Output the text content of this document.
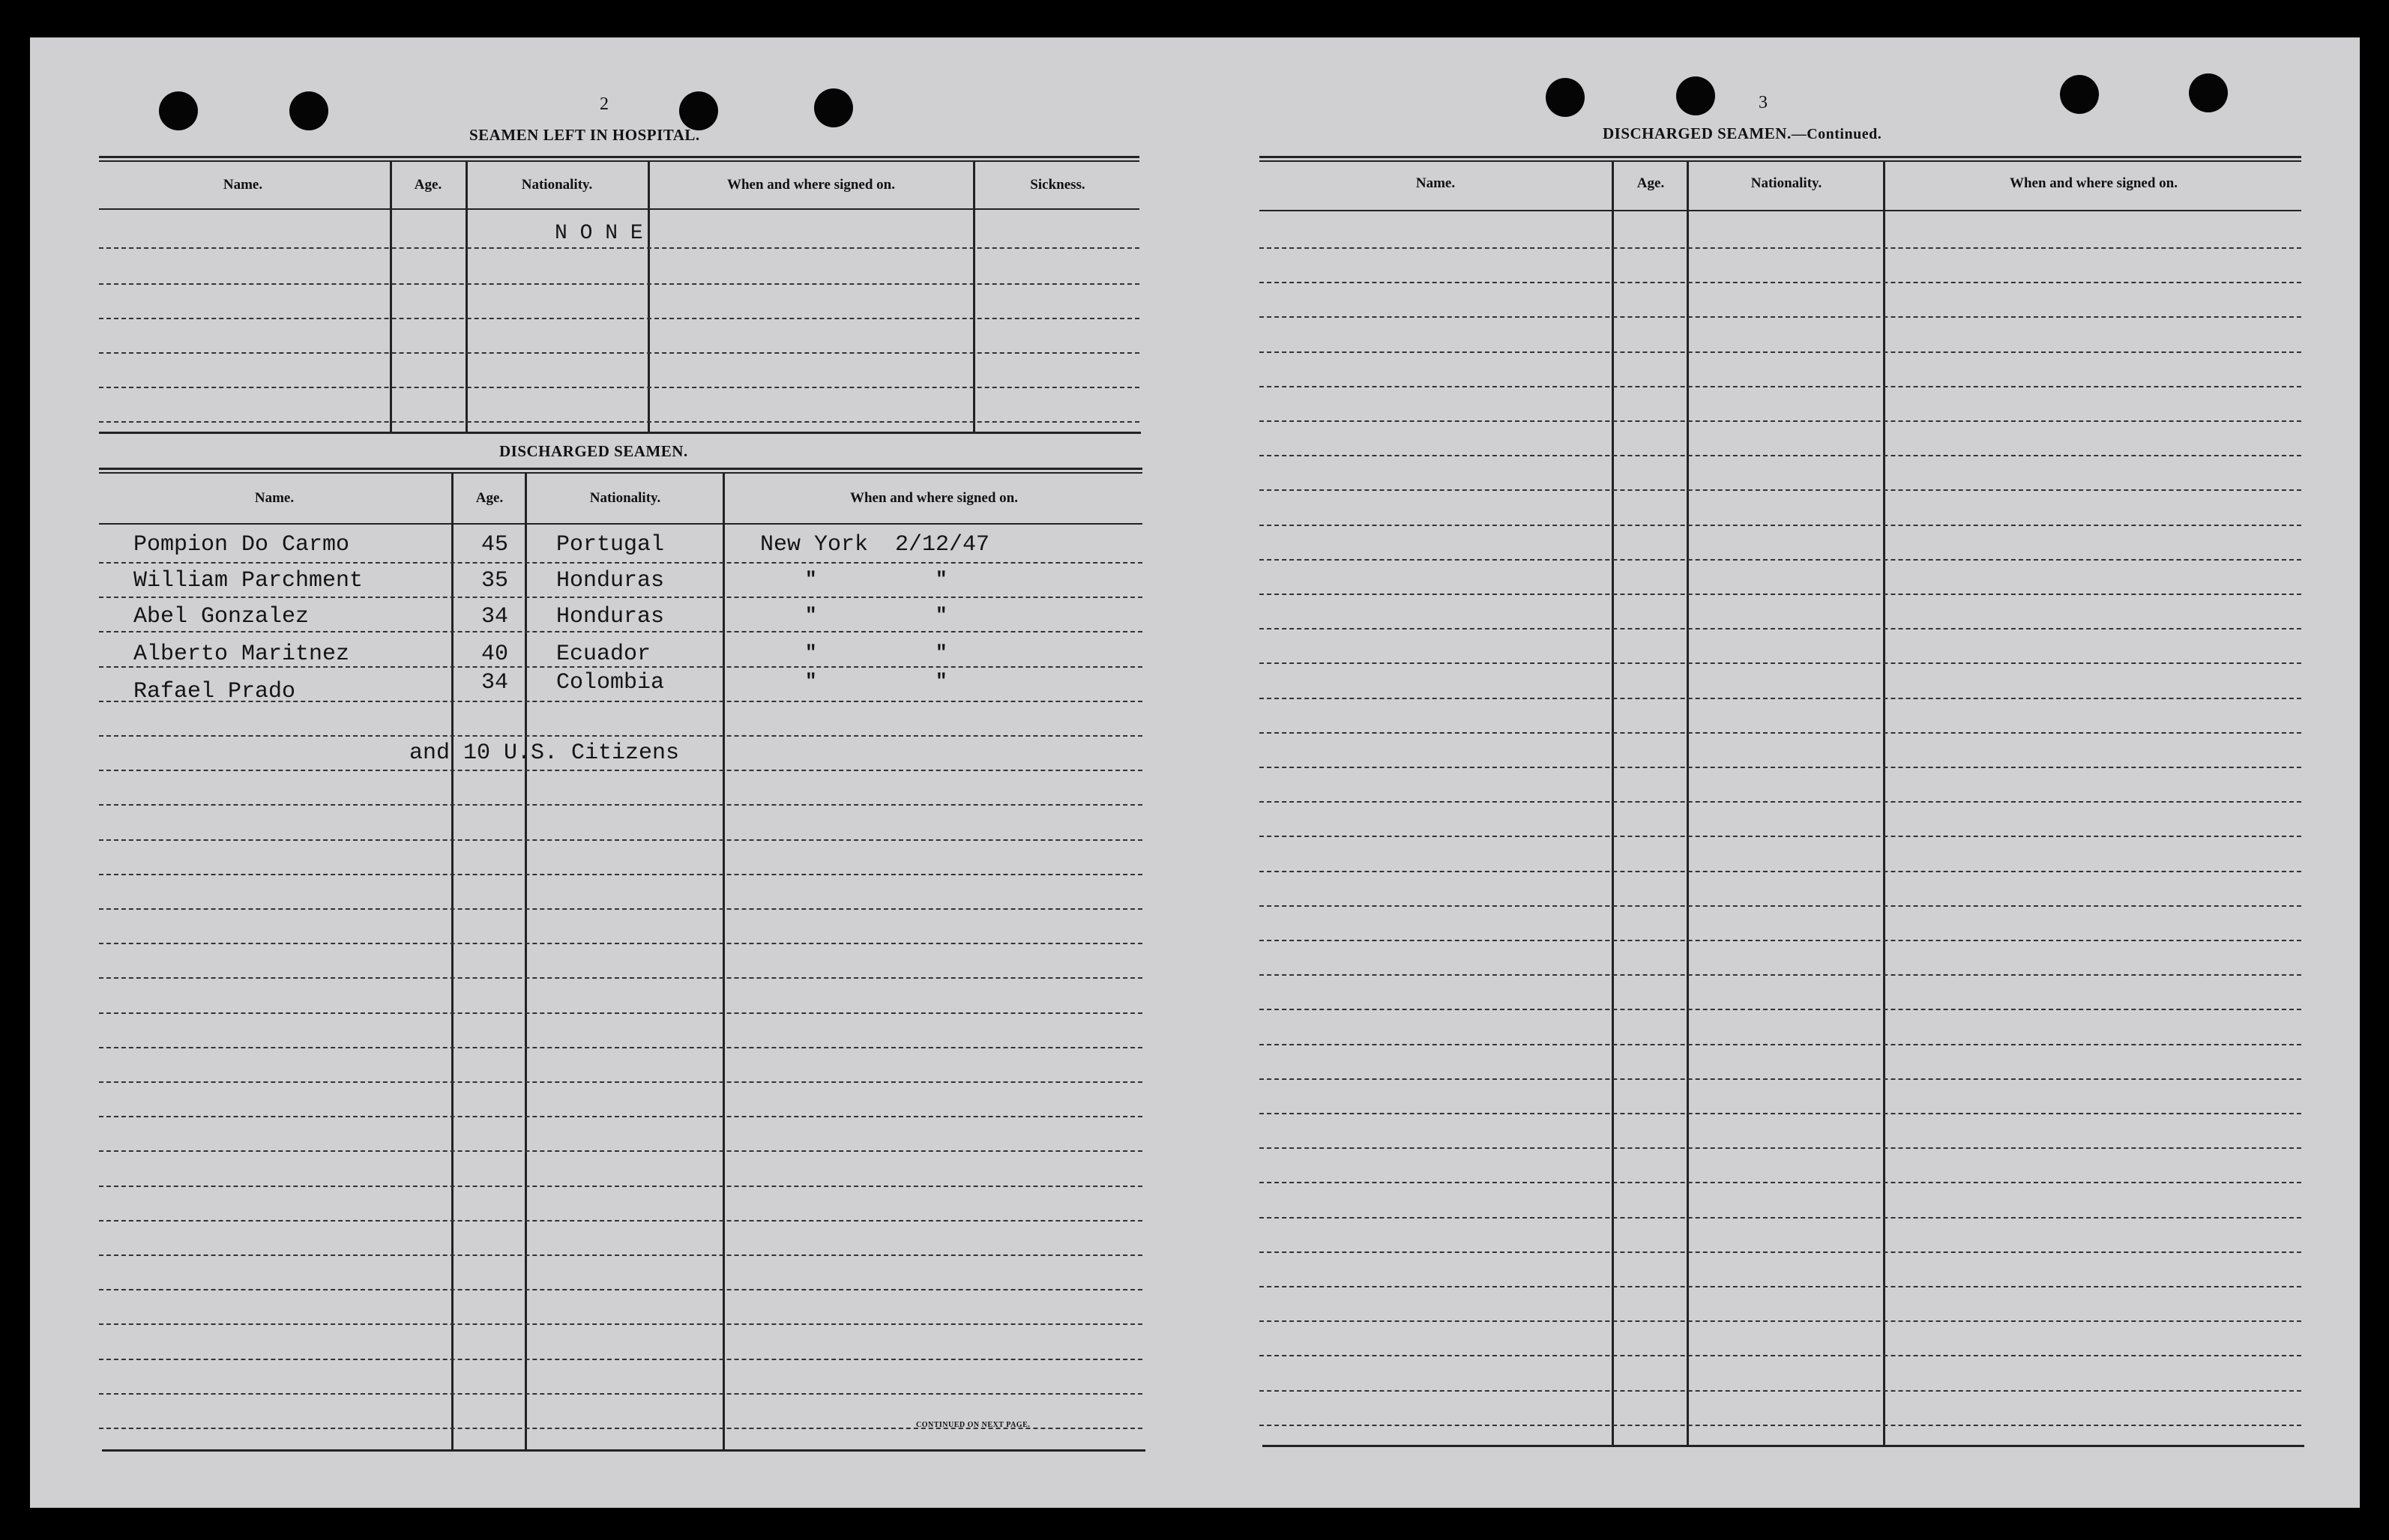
2
SEAMEN LEFT IN HOSPITAL.
Name.	Age.	Nationality.	When and where signed on.	Sickness.
N O N E
DISCHARGED SEAMEN.
Name.	Age.	Nationality.	When and where signed on.
Pompion Do Carmo	45 Portugal	New York  2/12/47
William Parchment	35 Honduras	"	"
Abel Gonzalez	34 Honduras	"	"
Alberto Maritnez	40 Ecuador	"	"
Rafael Prado	34 Colombia	"	"
and 10 U.S. Citizens
CONTINUED ON NEXT PAGE.
3
DISCHARGED SEAMEN.—Continued.
Name.	Age.	Nationality.	When and where signed on.
